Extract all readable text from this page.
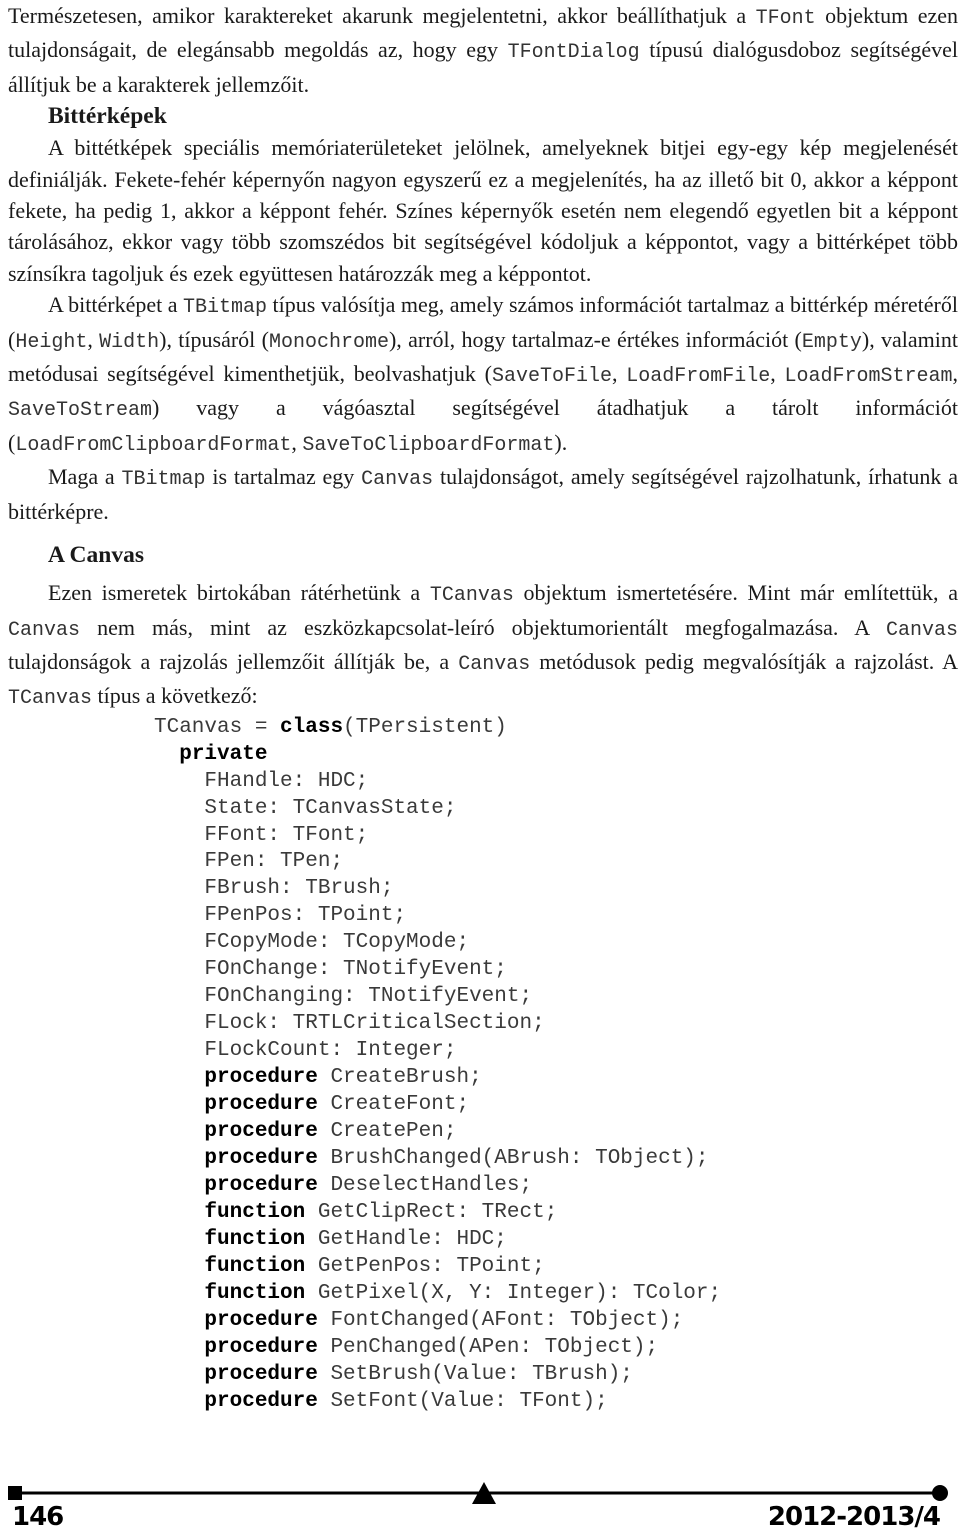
Természetesen, amikor karaktereket akarunk megjelentetni, akkor beállíthatjuk a TFont objektum ezen tulajdonságait, de elegánsabb megoldás az, hogy egy TFontDialog típusú dialógusdoboz segítségével állítjuk be a karakterek jellemzőit.

Bittérképek

A bittétképek speciális memóriaterületeket jelölnek, amelyeknek bitjei egy-egy kép megjelenését definiálják. Fekete-fehér képernyőn nagyon egyszerű ez a megjelenítés, ha az illető bit 0, akkor a képpont fekete, ha pedig 1, akkor a képpont fehér. Színes képernyők esetén nem elegendő egyetlen bit a képpont tárolásához, ekkor vagy több szomszédos bit segítségével kódoljuk a képpontot, vagy a bittérképet több színsíkra tagoljuk és ezek együttesen határozzák meg a képpontot.

A bittérképet a TBitmap típus valósítja meg, amely számos információt tartalmaz a bittérkép méretéről (Height, Width), típusáról (Monochrome), arról, hogy tartalmaz-e értékes információt (Empty), valamint metódusai segítségével kimenthetjük, beolvashatjuk (SaveToFile, LoadFromFile, LoadFromStream, SaveToStream) vagy a vágóasztal segítségével átadhatjuk a tárolt információt (LoadFromClipboardFormat, SaveToClipboardFormat).

Maga a TBitmap is tartalmaz egy Canvas tulajdonságot, amely segítségével rajzolhatunk, írhatunk a bittérképre.

A Canvas

Ezen ismeretek birtokában rátérhetünk a TCanvas objektum ismertetésére. Mint már említettük, a Canvas nem más, mint az eszközkapcsolat-leíró objektumorientált megfogalmazása. A Canvas tulajdonságok a rajzolás jellemzőit állítják be, a Canvas metódusok pedig megvalósítják a rajzolást. A TCanvas típus a következő:

TCanvas = class(TPersistent)
private
FHandle: HDC;
State: TCanvasState;
FFont: TFont;
FPen: TPen;
FBrush: TBrush;
FPenPos: TPoint;
FCopyMode: TCopyMode;
FOnChange: TNotifyEvent;
FOnChanging: TNotifyEvent;
FLock: TRTLCriticalSection;
FLockCount: Integer;
procedure CreateBrush;
procedure CreateFont;
procedure CreatePen;
procedure BrushChanged(ABrush: TObject);
procedure DeselectHandles;
function GetClipRect: TRect;
function GetHandle: HDC;
function GetPenPos: TPoint;
function GetPixel(X, Y: Integer): TColor;
procedure FontChanged(AFont: TObject);
procedure PenChanged(APen: TObject);
procedure SetBrush(Value: TBrush);
procedure SetFont(Value: TFont);
146	2012-2013/4
